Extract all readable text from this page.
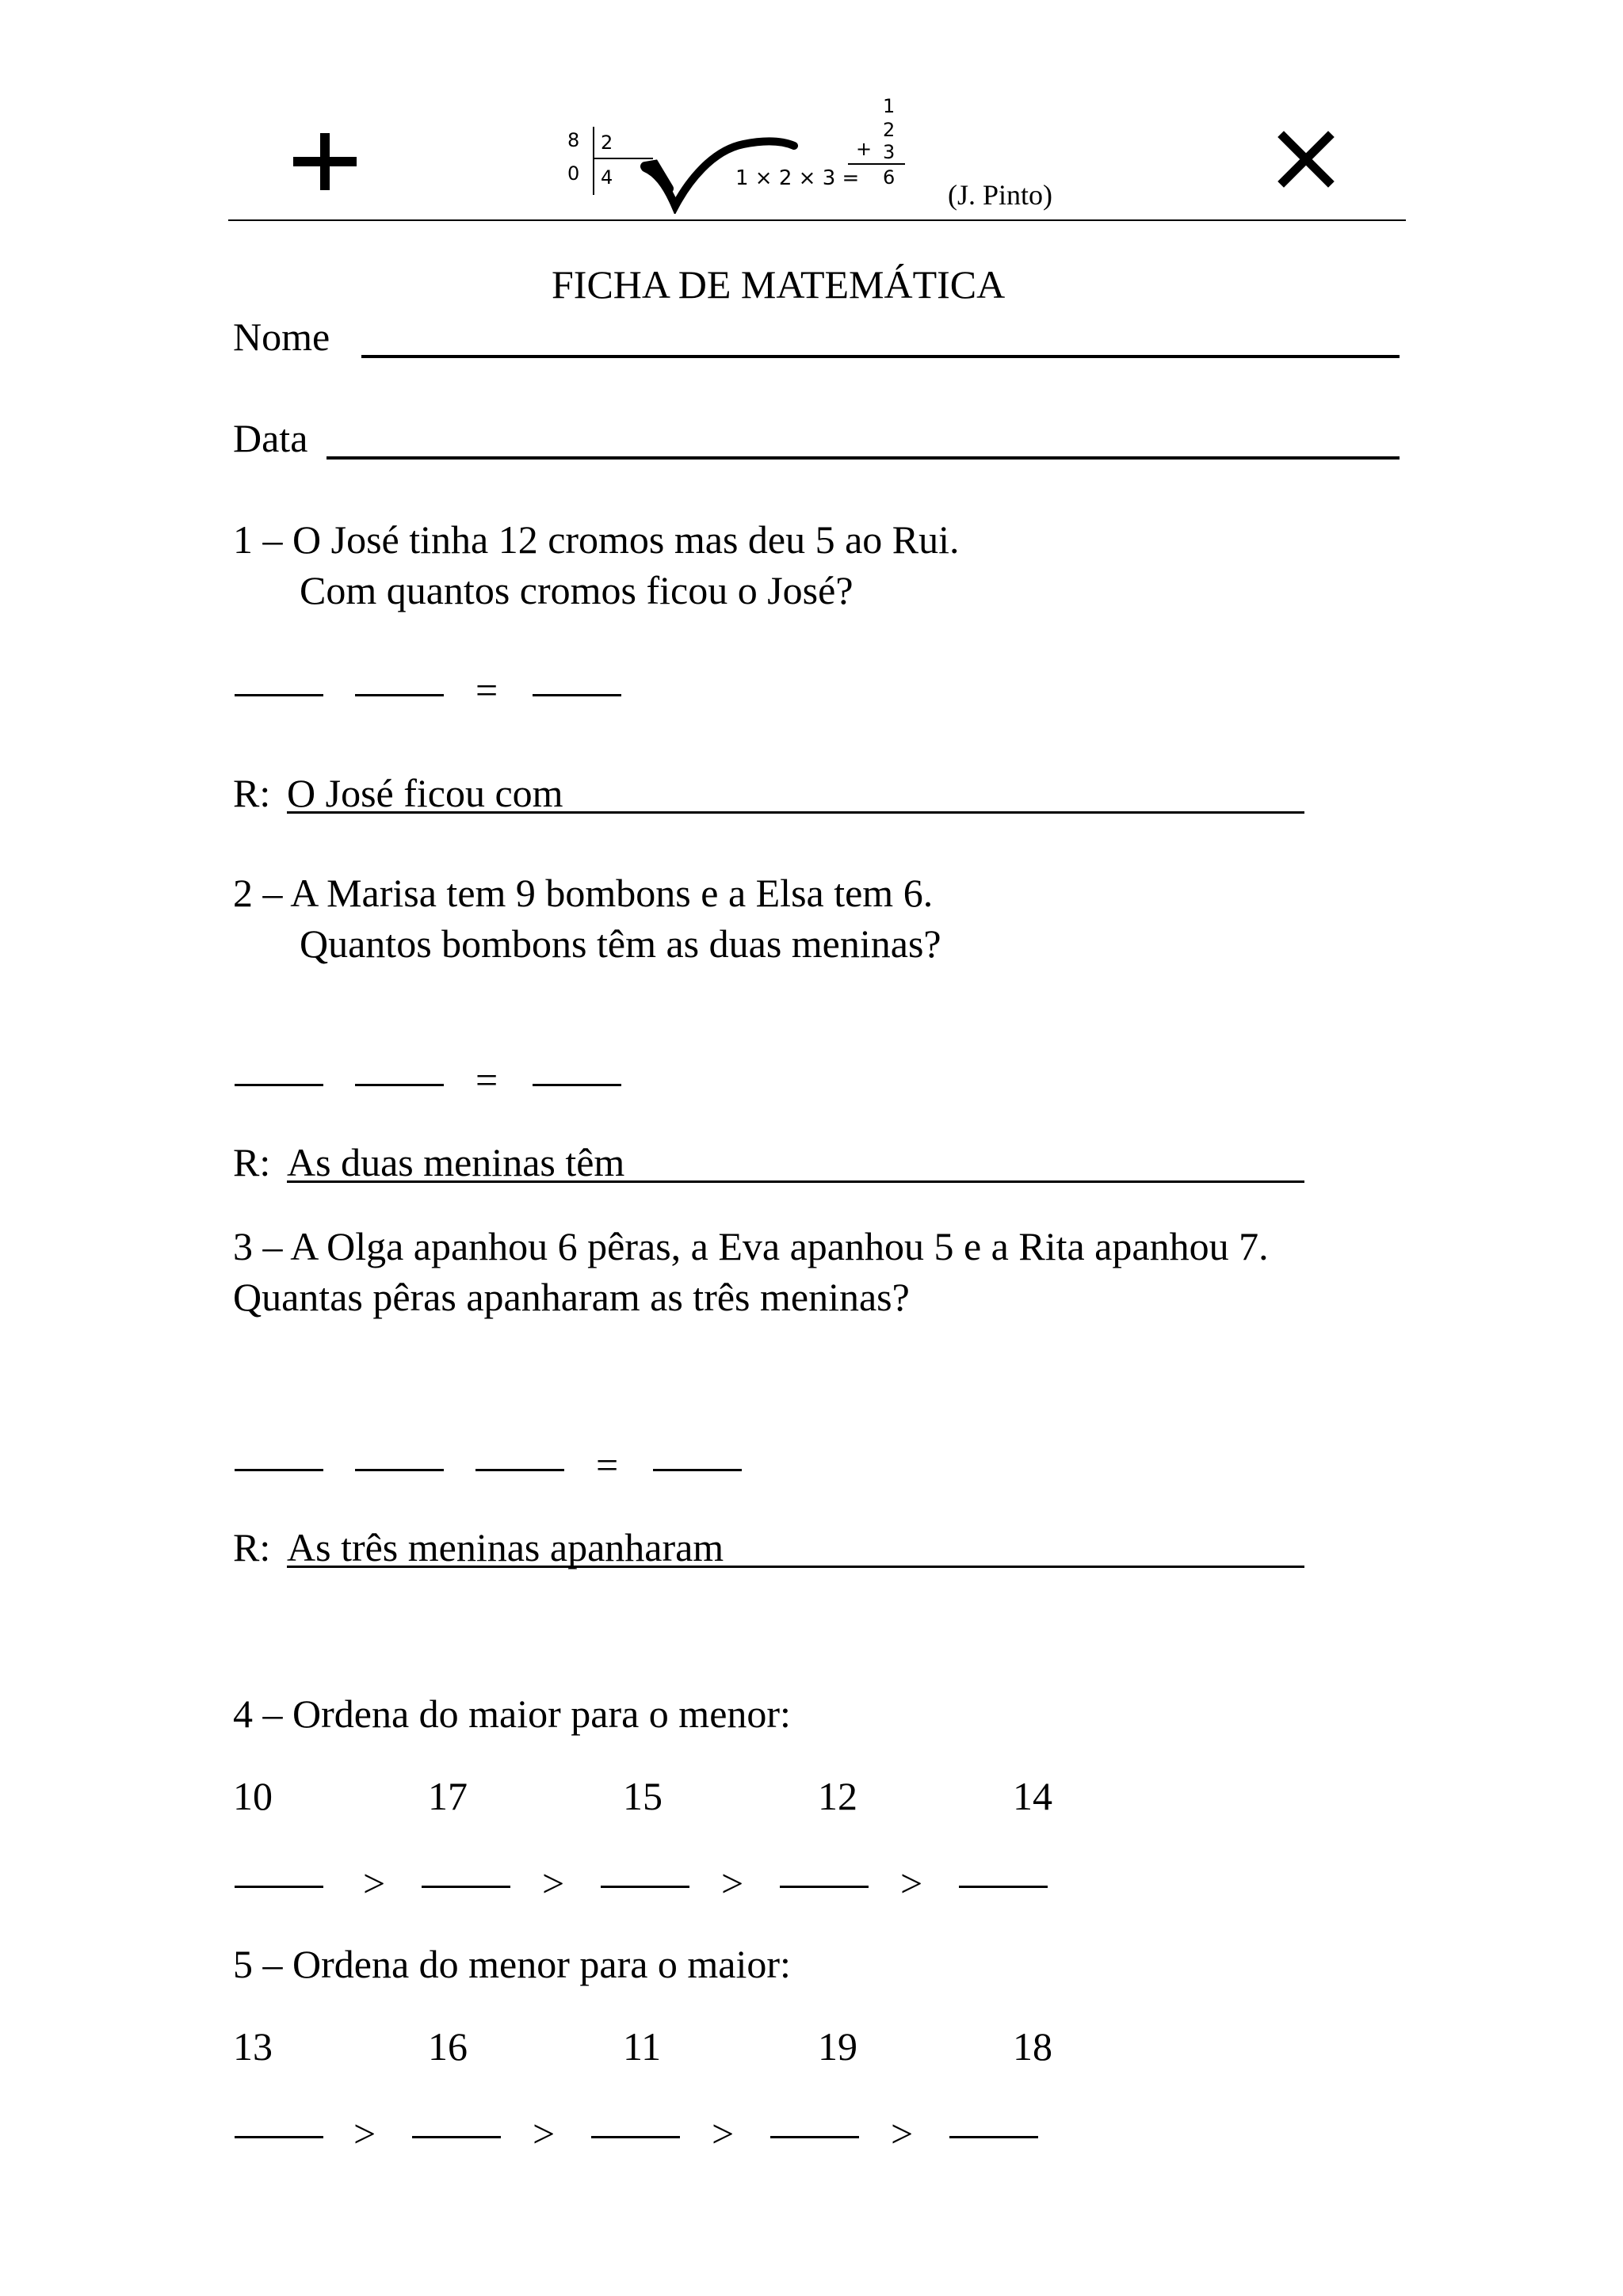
8
0
2
4	1 × 2 × 3 =
1
2
+ 3
6
(J. Pinto)
FICHA DE MATEMÁTICA
Nome
Data
1 – O José tinha 12 cromos mas deu 5 ao Rui.
Com quantos cromos ficou o José?
=
R: O José ficou com
2 – A Marisa tem 9 bombons e a Elsa tem 6.
Quantos bombons têm as duas meninas?
=
R: As duas meninas têm
3 – A Olga apanhou 6 pêras, a Eva apanhou 5 e a Rita apanhou 7.
Quantas pêras apanharam as três meninas?
=
R: As três meninas apanharam
4 – Ordena do maior para o menor:
10	17	15	12	14
>	>	>	>
5 – Ordena do menor para o maior:
13	16	11	19	18
>	>	>	>
